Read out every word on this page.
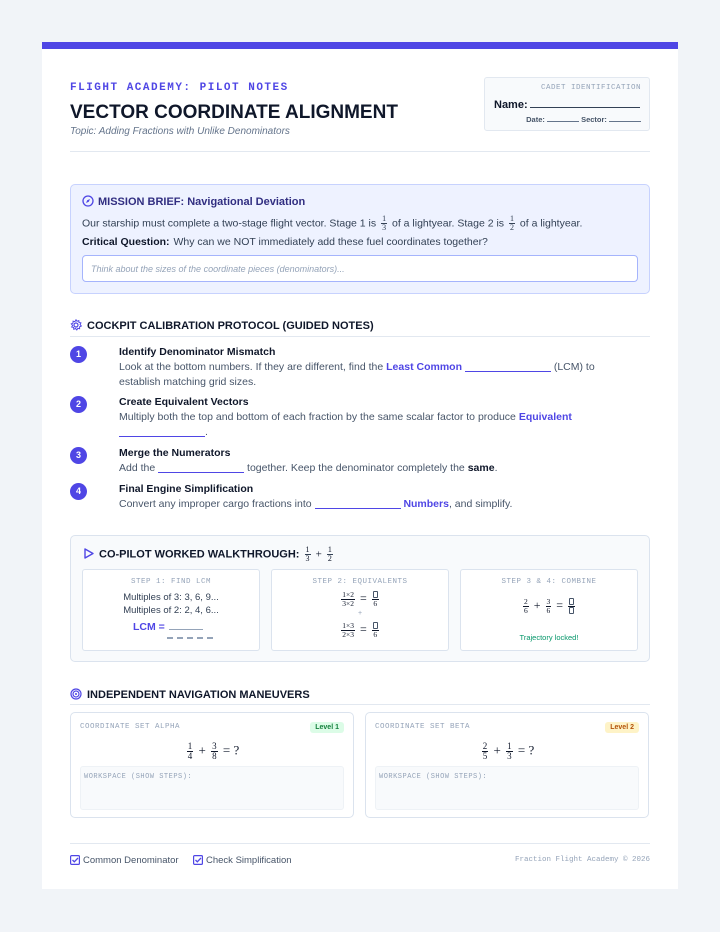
FLIGHT ACADEMY: PILOT NOTES
VECTOR COORDINATE ALIGNMENT
Topic: Adding Fractions with Unlike Denominators
CADET IDENTIFICATION
Name:
Date:	Sector:
MISSION BRIEF: Navigational Deviation
Our starship must complete a two-stage flight vector. Stage 1 is $\frac{1}{3}$ of a lightyear. Stage 2 is $\frac{1}{2}$ of a lightyear.
Critical Question: Why can we NOT immediately add these fuel coordinates together?
Think about the sizes of the coordinate pieces (denominators)...
COCKPIT CALIBRATION PROTOCOL (GUIDED NOTES)
1	Identify Denominator Mismatch
Look at the bottom numbers. If they are different, find the Least Common	(LCM) to establish matching grid sizes.
2	Create Equivalent Vectors
Multiply both the top and bottom of each fraction by the same scalar factor to produce Equivalent
.
3	Merge the Numerators
Add the	together. Keep the denominator completely the same.
4	Final Engine Simplification
Convert any improper cargo fractions into	Numbers, and simplify.
CO-PILOT WORKED WALKTHROUGH: $\frac{1}{3} + \frac{1}{2}$
STEP 1: FIND LCM
Multiples of 3: 3, 6, 9...
Multiples of 2: 2, 4, 6...
LCM =
STEP 2: EQUIVALENTS
$\frac{1\times 2}{3\times 2} = 6$
+
$\frac{1\times 3}{2\times 3} = 6$
STEP 3 & 4: COMBINE
$\frac{2}{6} + \frac{3}{6}$ =
Trajectory locked!
INDEPENDENT NAVIGATION MANEUVERS
COORDINATE SET ALPHA	Level 1
$\frac{1}{4} + \frac{3}{8}$ = ?
WORKSPACE (SHOW STEPS):
COORDINATE SET BETA	Level 2
$\frac{2}{5} + \frac{1}{3}$ = ?
WORKSPACE (SHOW STEPS):
Common Denominator	Check Simplification	Fraction Flight Academy © 2026
